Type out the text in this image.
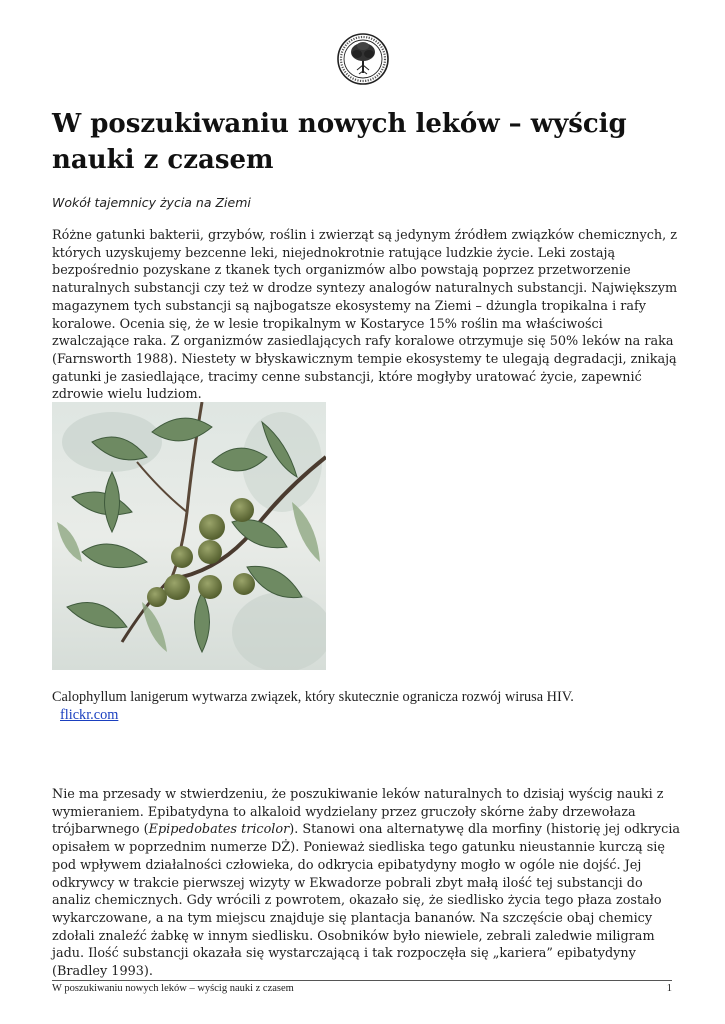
W poszukiwaniu nowych leków – wyścig nauki z czasem

Wokół tajemnicy życia na Ziemi

Różne gatunki bakterii, grzybów, roślin i zwierząt są jedynym źródłem związków chemicznych, z których uzyskujemy bezcenne leki, niejednokrotnie ratujące ludzkie życie. Leki zostają bezpośrednio pozyskane z tkanek tych organizmów albo powstają poprzez przetworzenie naturalnych substancji czy też w drodze syntezy analogów naturalnych substancji. Największym magazynem tych substancji są najbogatsze ekosystemy na Ziemi – dżungla tropikalna i rafy koralowe. Ocenia się, że w lesie tropikalnym w Kostaryce 15% roślin ma właściwości zwalczające raka. Z organizmów zasiedlających rafy koralowe otrzymuje się 50% leków na raka (Farnsworth 1988). Niestety w błyskawicznym tempie ekosystemy te ulegają degradacji, znikają gatunki je zasiedlające, tracimy cenne substancji, które mogłyby uratować życie, zapewnić zdrowie wielu ludziom.

Calophyllum lanigerum wytwarza związek, który skutecznie ogranicza rozwój wirusa HIV.

flickr.com

Nie ma przesady w stwierdzeniu, że poszukiwanie leków naturalnych to dzisiaj wyścig nauki z wymieraniem. Epibatydyna to alkaloid wydzielany przez gruczoły skórne żaby drzewołaza trójbarwnego (Epipedobates tricolor). Stanowi ona alternatywę dla morfiny (historię jej odkrycia opisałem w poprzednim numerze DŻ). Ponieważ siedliska tego gatunku nieustannie kurczą się pod wpływem działalności człowieka, do odkrycia epibatydyny mogło w ogóle nie dojść. Jej odkrywcy w trakcie pierwszej wizyty w Ekwadorze pobrali zbyt małą ilość tej substancji do analiz chemicznych. Gdy wrócili z powrotem, okazało się, że siedlisko życia tego płaza zostało wykarczowane, a na tym miejscu znajduje się plantacja bananów. Na szczęście obaj chemicy zdołali znaleźć żabkę w innym siedlisku. Osobników było niewiele, zebrali zaledwie miligram jadu. Ilość substancji okazała się wystarczającą i tak rozpoczęła się „kariera” epibatydyny (Bradley 1993).

W poszukiwaniu nowych leków – wyścig nauki z czasem	1
